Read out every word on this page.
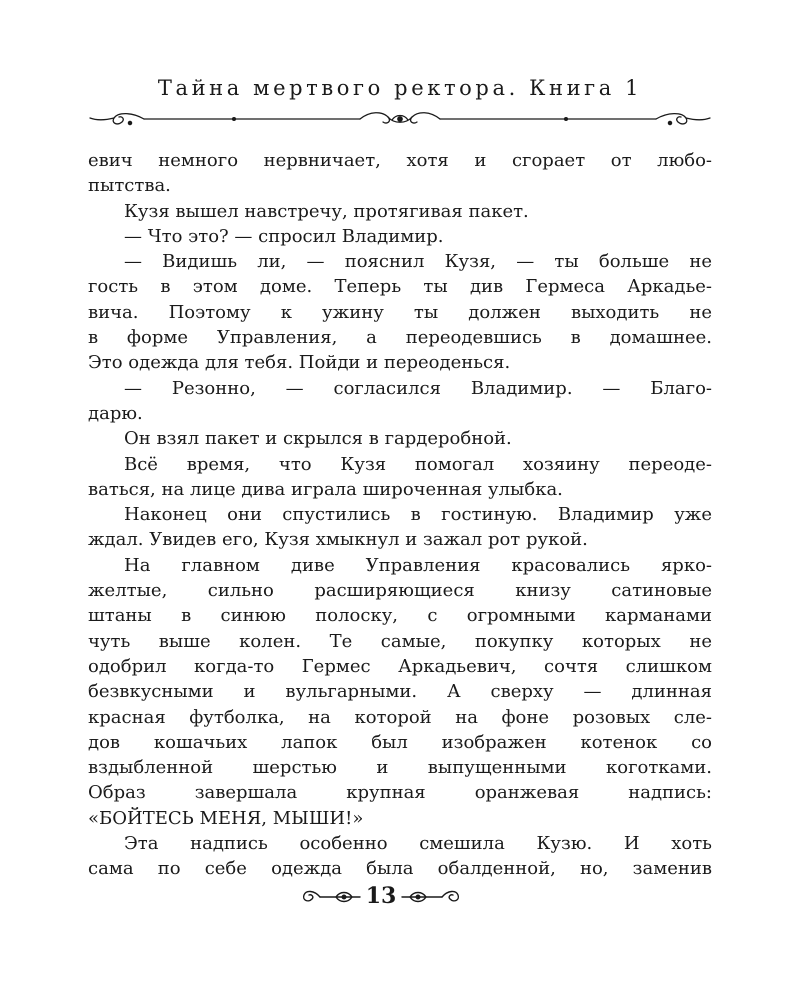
Тайна мертвого ректора. Книга 1
евич немного нервничает, хотя и сгорает от любо-
пытства.
Кузя вышел навстречу, протягивая пакет.
— Что это? — спросил Владимир.
— Видишь ли, — пояснил Кузя, — ты больше не
гость в этом доме. Теперь ты див Гермеса Аркадье-
вича. Поэтому к ужину ты должен выходить не
в форме Управления, а переодевшись в домашнее.
Это одежда для тебя. Пойди и переоденься.
— Резонно, — согласился Владимир. — Благо-
дарю.
Он взял пакет и скрылся в гардеробной.
Всё время, что Кузя помогал хозяину переоде-
ваться, на лице дива играла широченная улыбка.
Наконец они спустились в гостиную. Владимир уже
ждал. Увидев его, Кузя хмыкнул и зажал рот рукой.
На главном диве Управления красовались ярко-
желтые, сильно расширяющиеся книзу сатиновые
штаны в синюю полоску, с огромными карманами
чуть выше колен. Те самые, покупку которых не
одобрил когда-то Гермес Аркадьевич, сочтя слишком
безвкусными и вульгарными. А сверху — длинная
красная футболка, на которой на фоне розовых сле-
дов кошачьих лапок был изображен котенок со
вздыбленной шерстью и выпущенными коготками.
Образ завершала крупная оранжевая надпись:
«БОЙТЕСЬ МЕНЯ, МЫШИ!»
Эта надпись особенно смешила Кузю. И хоть
сама по себе одежда была обалденной, но, заменив
13
